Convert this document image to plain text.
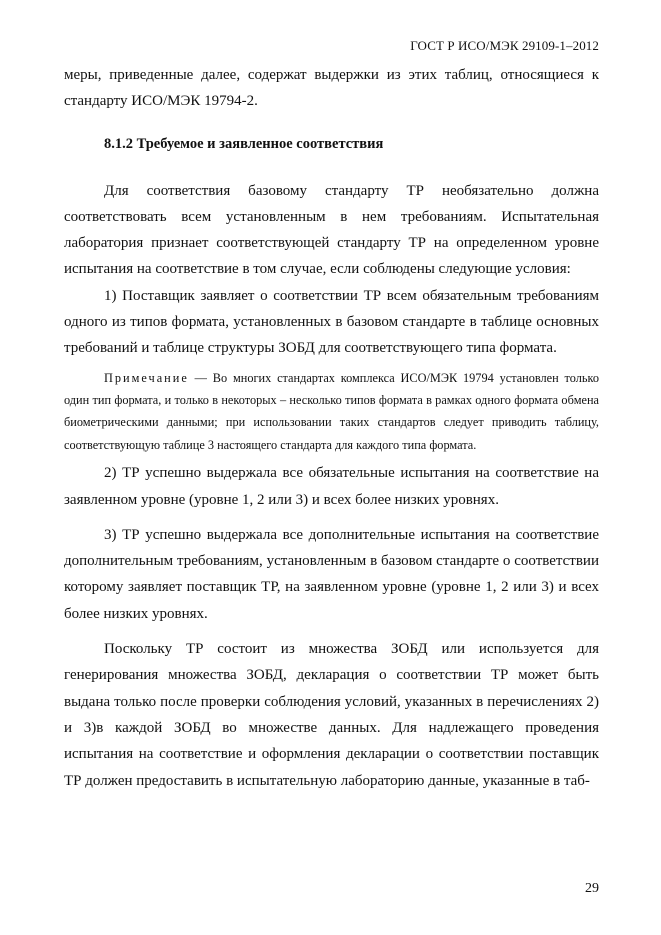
ГОСТ Р ИСО/МЭК 29109-1–2012

меры, приведенные далее, содержат выдержки из этих таблиц, относящиеся к стандарту ИСО/МЭК 19794-2.

8.1.2 Требуемое и заявленное соответствия

Для соответствия базовому стандарту ТР необязательно должна соответствовать всем установленным в нем требованиям. Испытательная лаборатория признает соответствующей стандарту ТР на определенном уровне испытания на соответствие в том случае, если соблюдены следующие условия:

1) Поставщик заявляет о соответствии ТР всем обязательным требованиям одного из типов формата, установленных в базовом стандарте в таблице основных требований и таблице структуры ЗОБД для соответствующего типа формата.

Примечание — Во многих стандартах комплекса ИСО/МЭК 19794 установлен только один тип формата, и только в некоторых – несколько типов формата в рамках одного формата обмена биометрическими данными; при использовании таких стандартов следует приводить таблицу, соответствующую таблице 3 настоящего стандарта для каждого типа формата.

2) ТР успешно выдержала все обязательные испытания на соответствие на заявленном уровне (уровне 1, 2 или 3) и всех более низких уровнях.

3) ТР успешно выдержала все дополнительные испытания на соответствие дополнительным требованиям, установленным в базовом стандарте о соответствии которому заявляет поставщик ТР, на заявленном уровне (уровне 1, 2 или 3) и всех более низких уровнях.

Поскольку ТР состоит из множества ЗОБД или используется для генерирования множества ЗОБД, декларация о соответствии ТР может быть выдана только после проверки соблюдения условий, указанных в перечислениях 2) и 3)в каждой ЗОБД во множестве данных. Для надлежащего проведения испытания на соответствие и оформления декларации о соответствии поставщик ТР должен предоставить в испытательную лабораторию данные, указанные в таб-

29
